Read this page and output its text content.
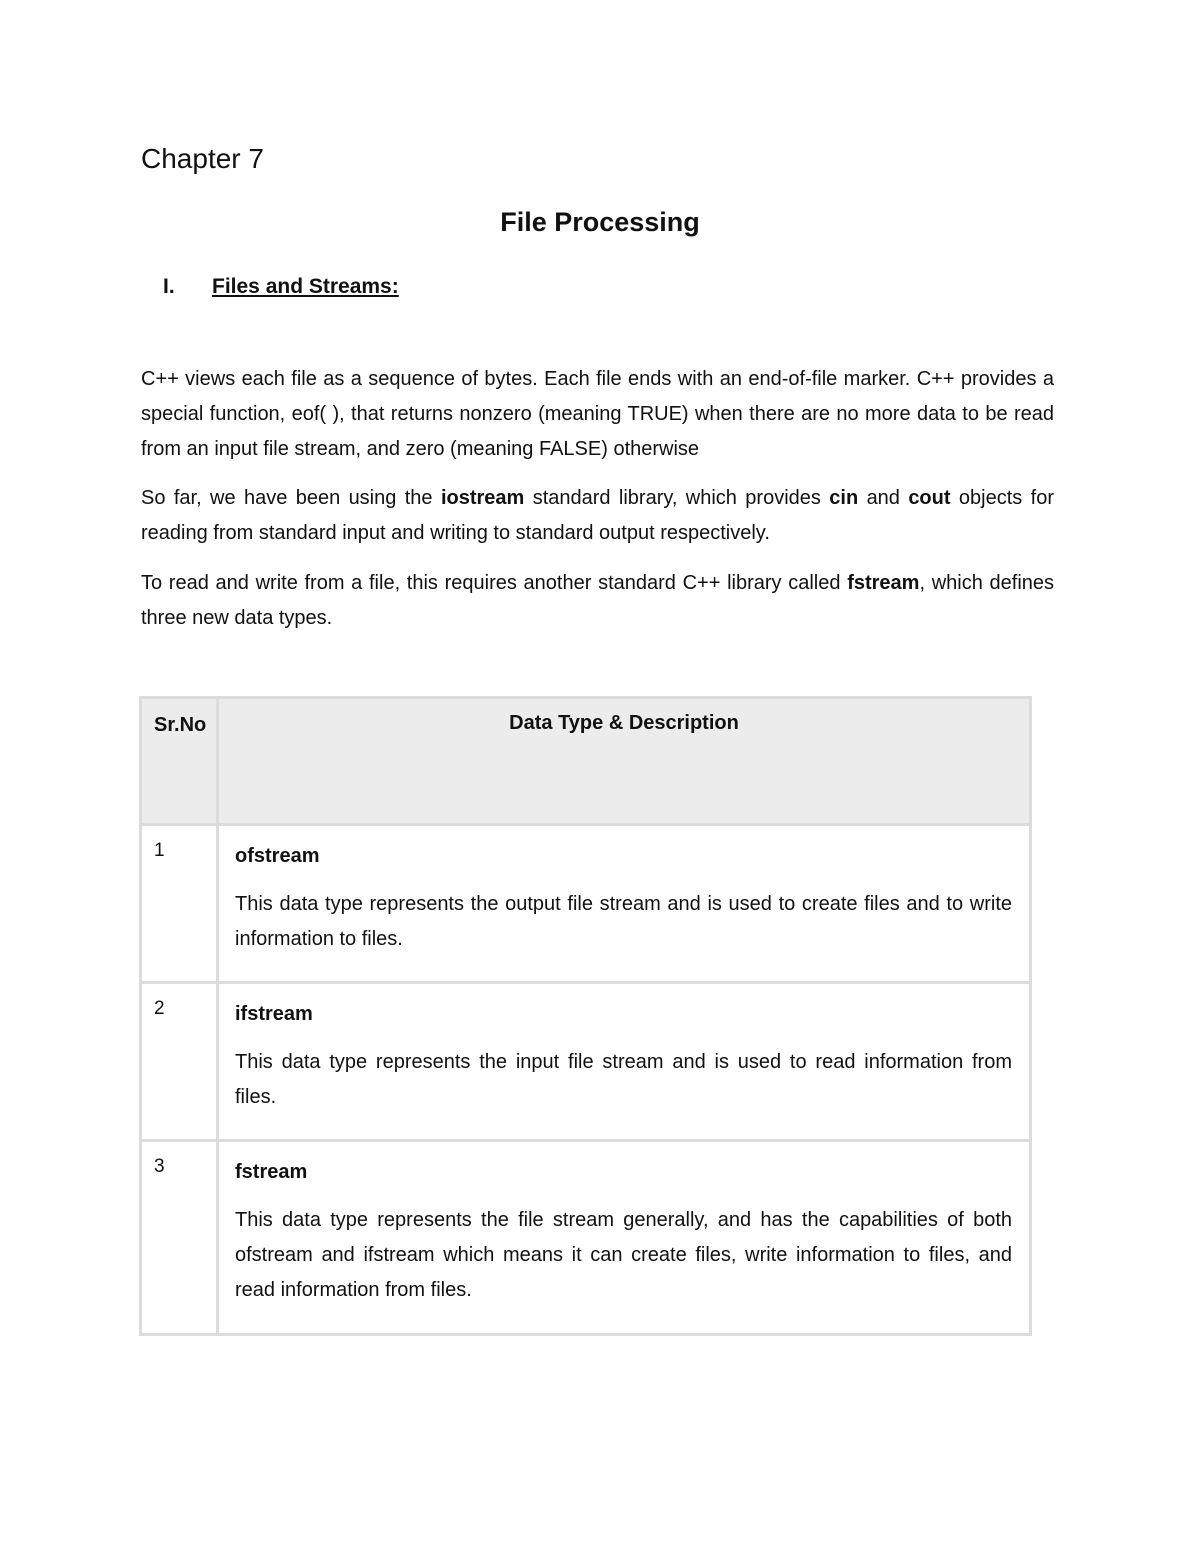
Chapter 7
File Processing
I. Files and Streams:

C++ views each file as a sequence of bytes. Each file ends with an end-of-file marker. C++ provides a special function, eof( ), that returns nonzero (meaning TRUE) when there are no more data to be read from an input file stream, and zero (meaning FALSE) otherwise

So far, we have been using the iostream standard library, which provides cin and cout objects for reading from standard input and writing to standard output respectively.

To read and write from a file, this requires another standard C++ library called fstream, which defines three new data types.

Sr.No	Data Type & Description
1	ofstream

This data type represents the output file stream and is used to create files and to write information to files.

2	ifstream

This data type represents the input file stream and is used to read information from files.

3	fstream

This data type represents the file stream generally, and has the capabilities of both ofstream and ifstream which means it can create files, write information to files, and read information from files.
